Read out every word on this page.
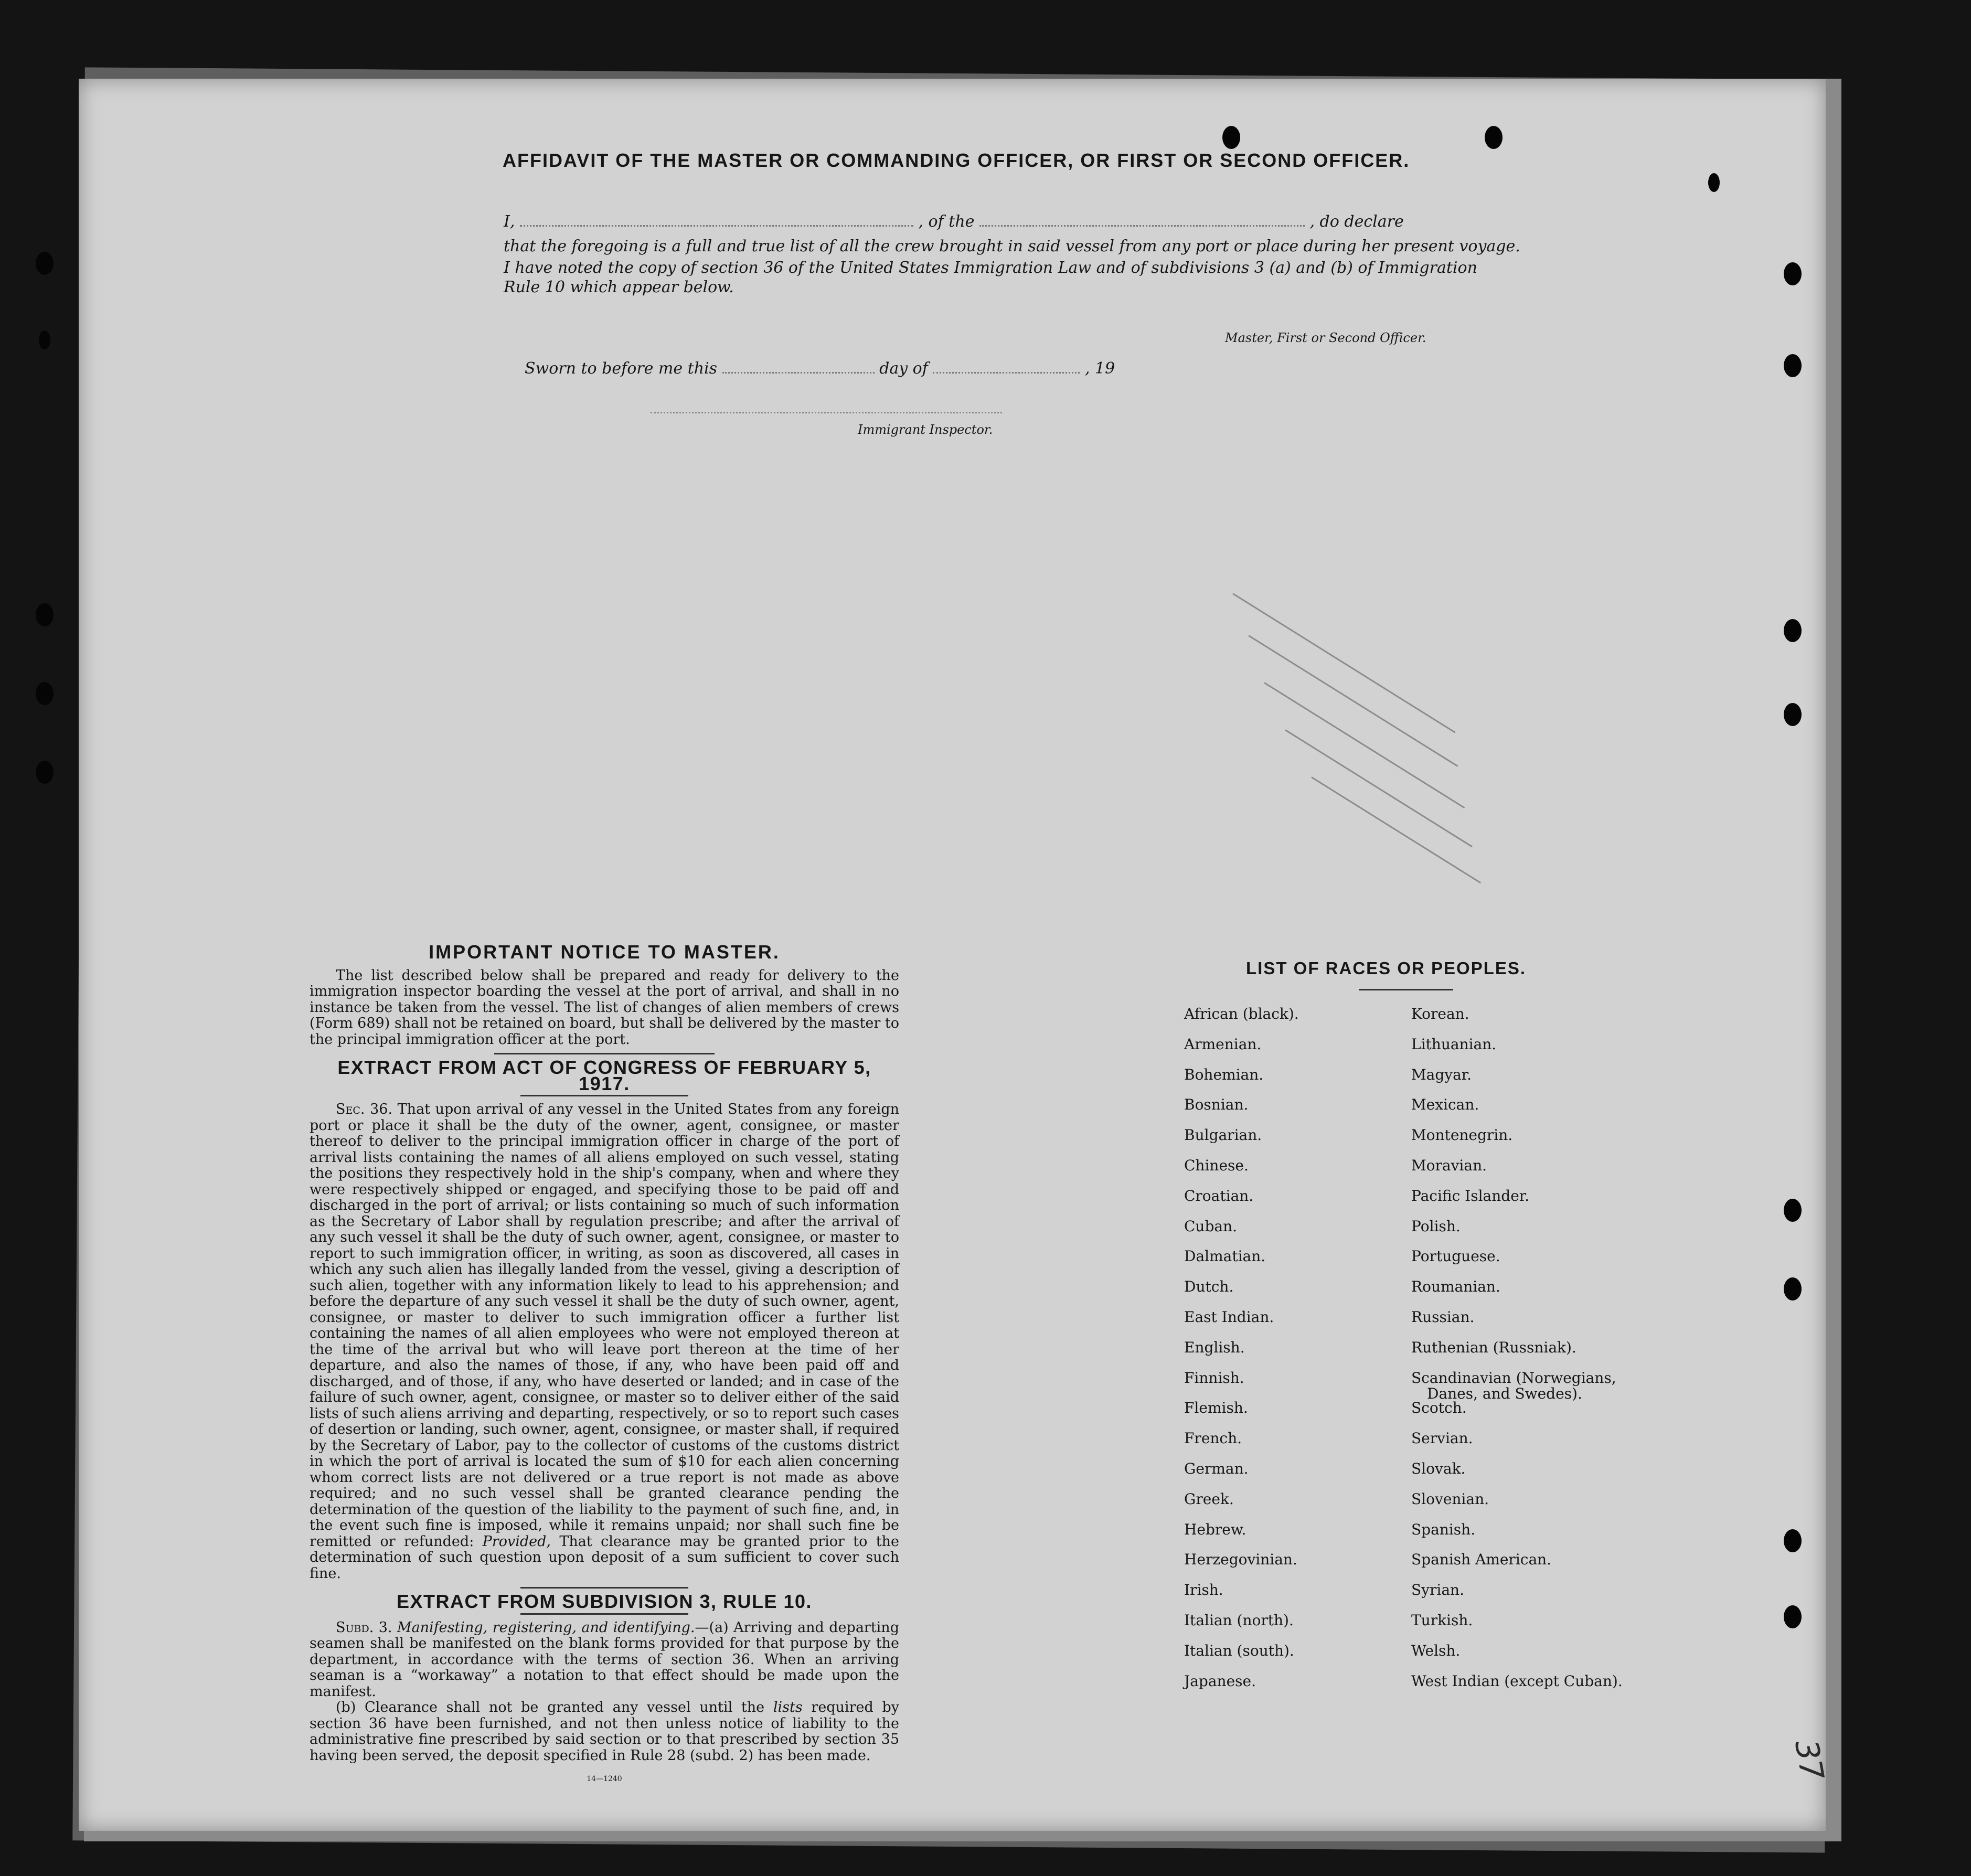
AFFIDAVIT OF THE MASTER OR COMMANDING OFFICER, OR FIRST OR SECOND OFFICER.
I,	, of the	, do declare
that the foregoing is a full and true list of all the crew brought in said vessel from any port or place during her present voyage.
I have noted the copy of section 36 of the United States Immigration Law and of subdivisions 3 (a) and (b) of Immigration
Rule 10 which appear below.
Master, First or Second Officer.
Sworn to before me this	day of	, 19
Immigrant Inspector.
IMPORTANT NOTICE TO MASTER.

The list described below shall be prepared and ready for delivery to the immigration inspector boarding the vessel at the port of arrival, and shall in no instance be taken from the vessel. The list of changes of alien members of crews (Form 689) shall not be retained on board, but shall be delivered by the master to the principal immigration officer at the port.

EXTRACT FROM ACT OF CONGRESS OF FEBRUARY 5, 1917.

Sec. 36. That upon arrival of any vessel in the United States from any foreign port or place it shall be the duty of the owner, agent, consignee, or master thereof to deliver to the principal immigration officer in charge of the port of arrival lists containing the names of all aliens employed on such vessel, stating the positions they respectively hold in the ship's company, when and where they were respectively shipped or engaged, and specifying those to be paid off and discharged in the port of arrival; or lists containing so much of such information as the Secretary of Labor shall by regulation prescribe; and after the arrival of any such vessel it shall be the duty of such owner, agent, consignee, or master to report to such immigration officer, in writing, as soon as discovered, all cases in which any such alien has illegally landed from the vessel, giving a description of such alien, together with any information likely to lead to his apprehension; and before the departure of any such vessel it shall be the duty of such owner, agent, consignee, or master to deliver to such immigration officer a further list containing the names of all alien employees who were not employed thereon at the time of the arrival but who will leave port thereon at the time of her departure, and also the names of those, if any, who have been paid off and discharged, and of those, if any, who have deserted or landed; and in case of the failure of such owner, agent, consignee, or master so to deliver either of the said lists of such aliens arriving and departing, respectively, or so to report such cases of desertion or landing, such owner, agent, consignee, or master shall, if required by the Secretary of Labor, pay to the collector of customs of the customs district in which the port of arrival is located the sum of $10 for each alien concerning whom correct lists are not delivered or a true report is not made as above required; and no such vessel shall be granted clearance pending the determination of the question of the liability to the payment of such fine, and, in the event such fine is imposed, while it remains unpaid; nor shall such fine be remitted or refunded: Provided, That clearance may be granted prior to the determination of such question upon deposit of a sum sufficient to cover such fine.

EXTRACT FROM SUBDIVISION 3, RULE 10.

Subd. 3. Manifesting, registering, and identifying.—(a) Arriving and departing seamen shall be manifested on the blank forms provided for that purpose by the department, in accordance with the terms of section 36. When an arriving seaman is a “workaway” a notation to that effect should be made upon the manifest.

(b) Clearance shall not be granted any vessel until the lists required by section 36 have been furnished, and not then unless notice of liability to the administrative fine prescribed by said section or to that prescribed by section 35 having been served, the deposit specified in Rule 28 (subd. 2) has been made.

14—1240
LIST OF RACES OR PEOPLES.
African (black).
Armenian.
Bohemian.
Bosnian.
Bulgarian.
Chinese.
Croatian.
Cuban.
Dalmatian.
Dutch.
East Indian.
English.
Finnish.
Flemish.
French.
German.
Greek.
Hebrew.
Herzegovinian.
Irish.
Italian (north).
Italian (south).
Japanese.
Korean.
Lithuanian.
Magyar.
Mexican.
Montenegrin.
Moravian.
Pacific Islander.
Polish.
Portuguese.
Roumanian.
Russian.
Ruthenian (Russniak).
Scandinavian (Norwegians,
Danes, and Swedes).
Scotch.
Servian.
Slovak.
Slovenian.
Spanish.
Spanish American.
Syrian.
Turkish.
Welsh.
West Indian (except Cuban).
37
